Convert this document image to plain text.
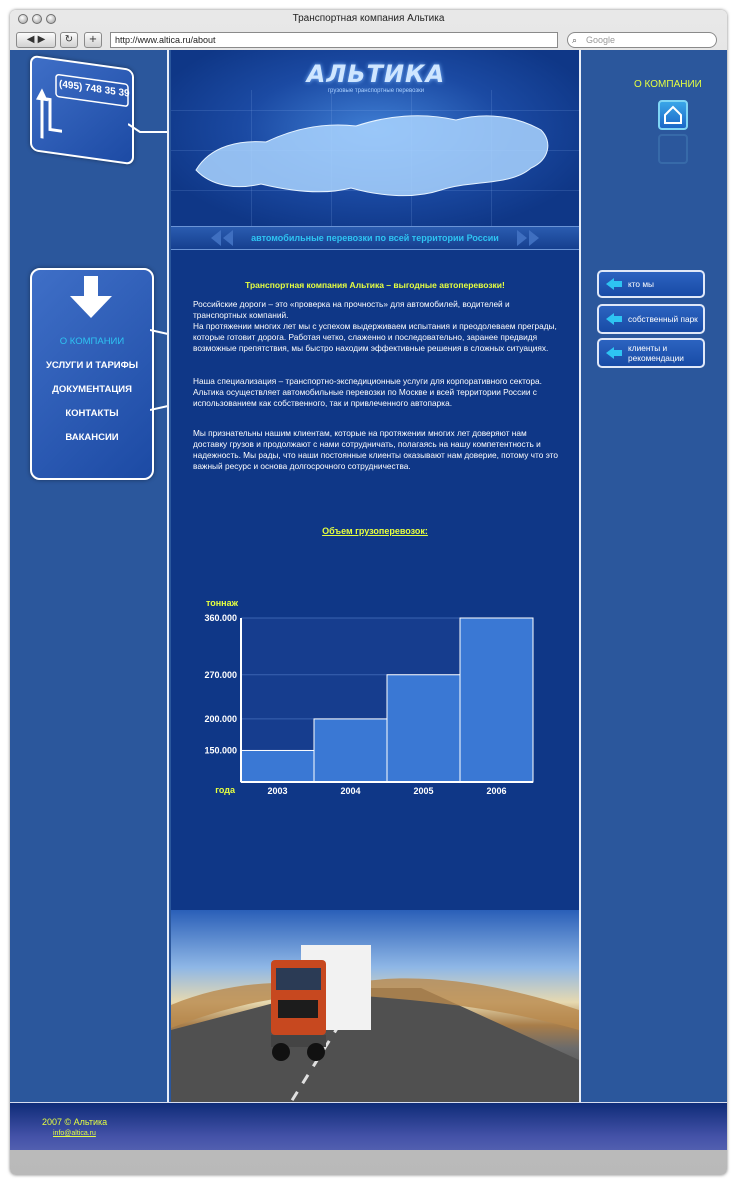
Транспортная компания Альтика
◀ ▶	↻	+	http://www.altica.ru/about	⌕ Google
(495) 748 35 39
О КОМПАНИИ
УСЛУГИ И ТАРИФЫ
ДОКУМЕНТАЦИЯ
КОНТАКТЫ
ВАКАНСИИ
АЛЬТИКА
грузовые транспортные перевозки
автомобильные перевозки по всей территории России
Транспортная компания Альтика – выгодные автоперевозки!
Российские дороги – это «проверка на прочность» для автомобилей, водителей и транспортных компаний.
На протяжении многих лет мы с успехом выдерживаем испытания и преодолеваем преграды, которые готовит дорога. Работая четко, слаженно и последовательно, заранее предвидя возможные препятствия, мы быстро находим эффективные решения в сложных ситуациях.
Наша специализация – транспортно-экспедиционные услуги для корпоративного сектора. Альтика осуществляет автомобильные перевозки по Москве и всей территории России с использованием как собственного, так и привлеченного автопарка.
Мы признательны нашим клиентам, которые на протяжении многих лет доверяют нам доставку грузов и продолжают с нами сотрудничать, полагаясь на нашу компетентность и надежность. Мы рады, что наши постоянные клиенты оказывают нам доверие, потому что это важный ресурс и основа долгосрочного сотрудничества.
Объем грузоперевозок:
150.000
200.000
270.000
360.000
2003	2004	2005	2006
тоннаж
года
О КОМПАНИИ
кто мы
собственный парк
клиенты и рекомендации
2007 © Альтика
info@altica.ru
